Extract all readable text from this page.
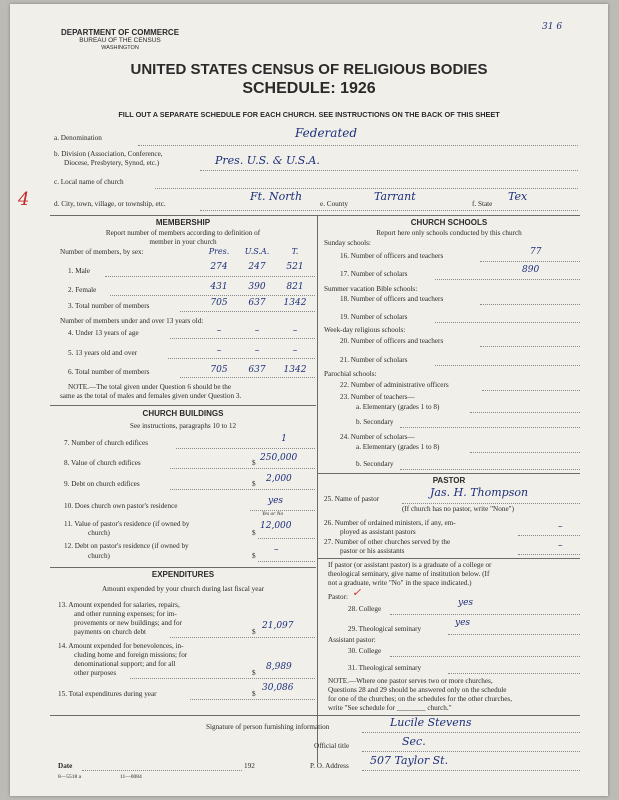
31 6
DEPARTMENT OF COMMERCE
BUREAU OF THE CENSUS
WASHINGTON
UNITED STATES CENSUS OF RELIGIOUS BODIES
SCHEDULE: 1926
FILL OUT A SEPARATE SCHEDULE FOR EACH CHURCH. SEE INSTRUCTIONS ON THE BACK OF THIS SHEET
a. Denomination	Federated
b. Division (Association, Conference,
Diocese, Presbytery, Synod, etc.)	Pres. U.S. & U.S.A.
c. Local name of church
4	d. City, town, village, or township, etc.
Ft. North
e. County
Tarrant
f. State
Tex
MEMBERSHIP
Report number of members according to definition of
member in your church
Number of members, by sex:	Pres.	U.S.A.	T.
1. Male	274	247	521
2. Female	431	390	821
3. Total number of members	705	637	1342
Number of members under and over 13 years old:
4. Under 13 years of age	–	–	–
5. 13 years old and over	–	–	–
6. Total number of members	705	637	1342
NOTE.—The total given under Question 6 should be the
same as the total of males and females given under Question 3.
CHURCH BUILDINGS
See instructions, paragraphs 10 to 12
7. Number of church edifices	1
8. Value of church edifices	$ 250,000
9. Debt on church edifices	$ 2,000
10. Does church own pastor's residence	yes
Yes or No
11. Value of pastor's residence (if owned by
church)	$
12,000
12. Debt on pastor's residence (if owned by
church)	$
–
EXPENDITURES
Amount expended by your church during last fiscal year
13. Amount expended for salaries, repairs,
and other running expenses; for im-
provements or new buildings; and for
payments on church debt	$
21,097
14. Amount expended for benevolences, in-
cluding home and foreign missions; for
denominational support; and for all
other purposes	$
8,989
15. Total expenditures during year	$
30,086
CHURCH SCHOOLS
Report here only schools conducted by this church
Sunday schools:
16. Number of officers and teachers	77
17. Number of scholars	890
Summer vacation Bible schools:
18. Number of officers and teachers
19. Number of scholars
Week-day religious schools:
20. Number of officers and teachers
21. Number of scholars
Parochial schools:
22. Number of administrative officers
23. Number of teachers—
a. Elementary (grades 1 to 8)
b. Secondary
24. Number of scholars—
a. Elementary (grades 1 to 8)
b. Secondary
PASTOR
25. Name of pastor	Jas. H. Thompson
(If church has no pastor, write "None")
26. Number of ordained ministers, if any, em-
ployed as assistant pastors	–
27. Number of other churches served by the
pastor or his assistants	–
If pastor (or assistant pastor) is a graduate of a college or
theological seminary, give name of institution below. (If
not a graduate, write "No" in the space indicated.)
Pastor: ✓
28. College
yes
29. Theological seminary
yes
Assistant pastor:
30. College
31. Theological seminary
NOTE.—Where one pastor serves two or more churches,
Questions 28 and 29 should be answered only on the schedule
for one of the churches; on the schedules for the other churches,
write "See schedule for ________ church."
Signature of person furnishing information	Lucile Stevens
Official title	Sec.
Date	192	P. O. Address 507 Taylor St.
8—5518 a	11—0084
